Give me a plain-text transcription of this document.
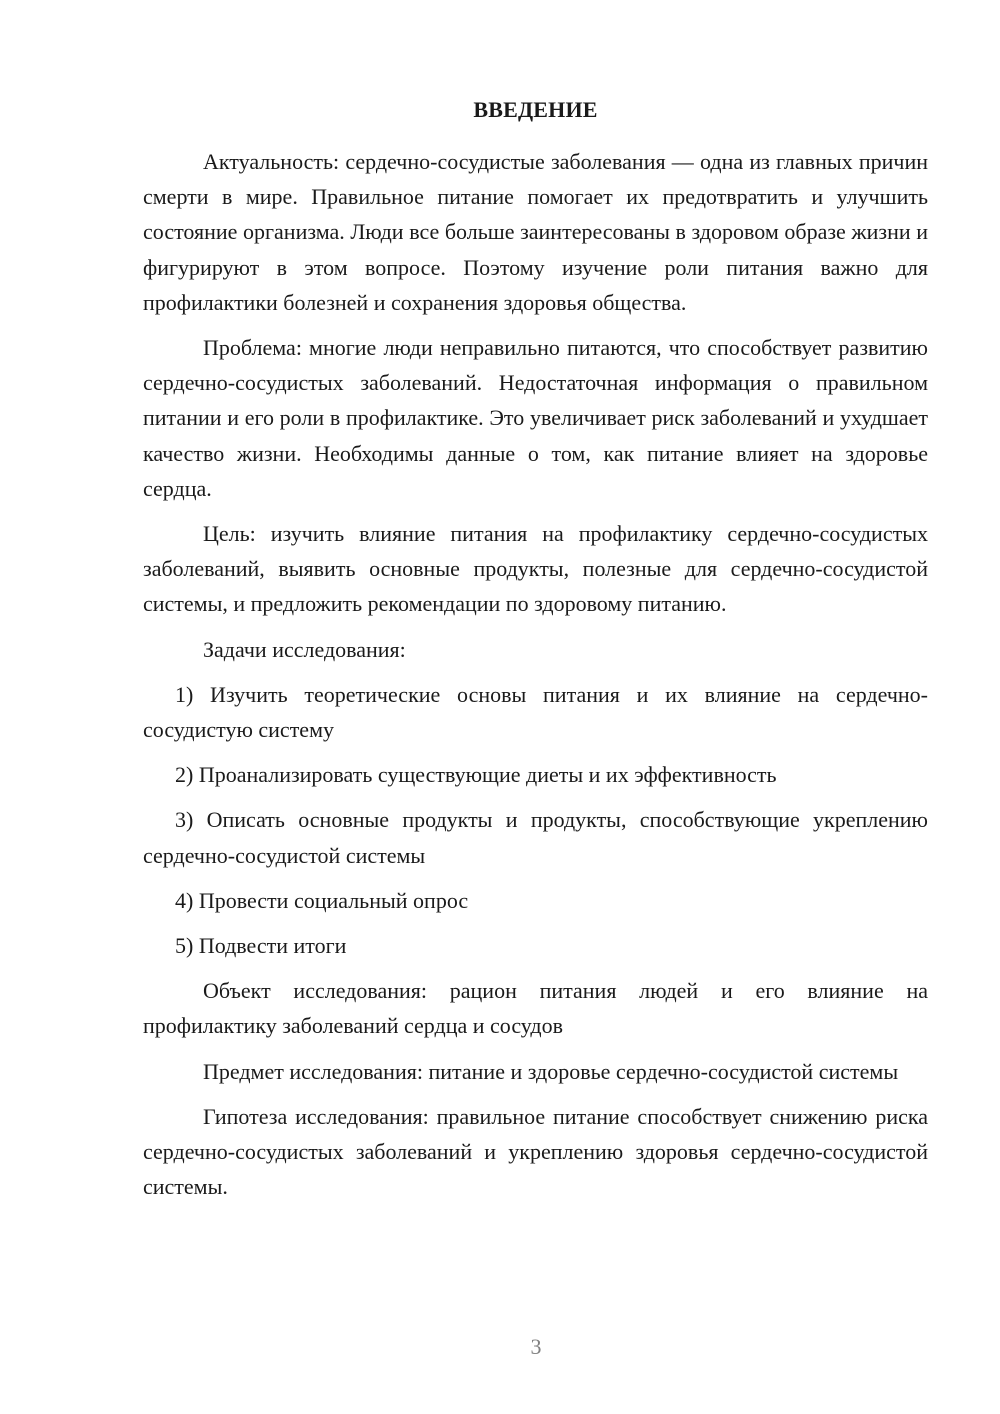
ВВЕДЕНИЕ

Актуальность: сердечно-сосудистые заболевания — одна из главных причин смерти в мире. Правильное питание помогает их предотвратить и улучшить состояние организма. Люди все больше заинтересованы в здоровом образе жизни и фигурируют в этом вопросе. Поэтому изучение роли питания важно для профилактики болезней и сохранения здоровья общества.

Проблема: многие люди неправильно питаются, что способствует развитию сердечно-сосудистых заболеваний. Недостаточная информация о правильном питании и его роли в профилактике. Это увеличивает риск заболеваний и ухудшает качество жизни. Необходимы данные о том, как питание влияет на здоровье сердца.

Цель: изучить влияние питания на профилактику сердечно-сосудистых заболеваний, выявить основные продукты, полезные для сердечно-сосудистой системы, и предложить рекомендации по здоровому питанию.

Задачи исследования:

1) Изучить теоретические основы питания и их влияние на сердечно-сосудистую систему

2) Проанализировать существующие диеты и их эффективность

3) Описать основные продукты и продукты, способствующие укреплению сердечно-сосудистой системы

4) Провести социальный опрос

5) Подвести итоги

Объект исследования: рацион питания людей и его влияние на профилактику заболеваний сердца и сосудов

Предмет исследования: питание и здоровье сердечно-сосудистой системы

Гипотеза исследования: правильное питание способствует снижению риска сердечно-сосудистых заболеваний и укреплению здоровья сердечно-сосудистой системы.

3
